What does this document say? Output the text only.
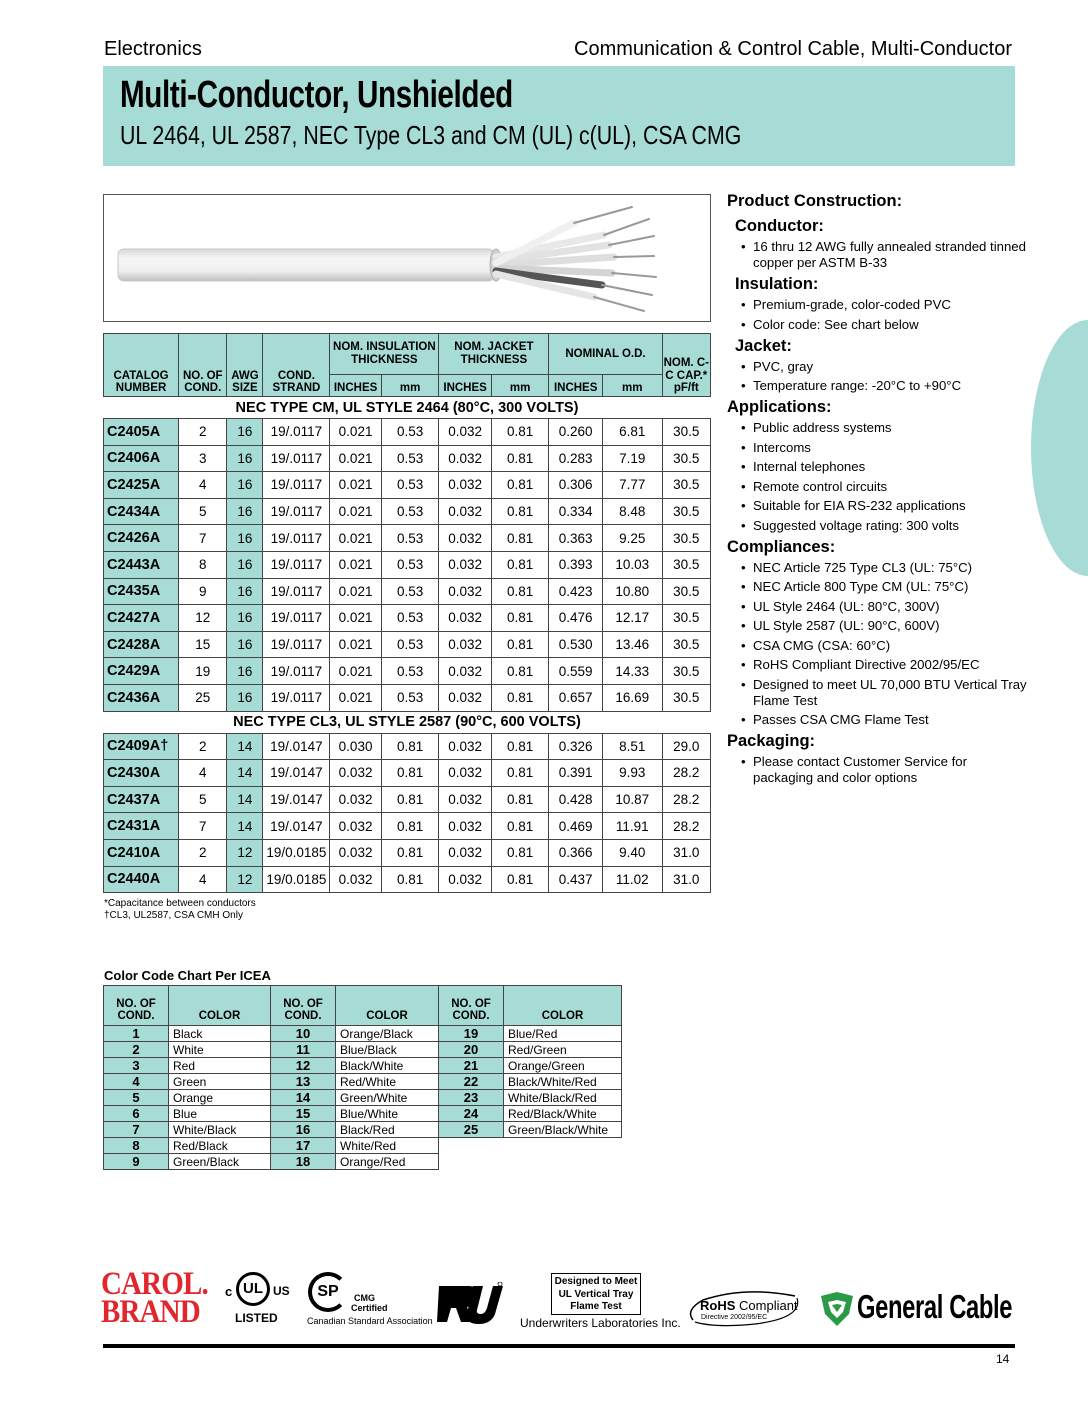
Electronics	Communication & Control Cable, Multi-Conductor
Multi-Conductor, Unshielded
UL 2464, UL 2587, NEC Type CL3 and CM (UL) c(UL), CSA CMG
CATALOG NUMBER	NO. OF COND.	AWG SIZE	COND. STRAND	NOM. INSULATION THICKNESS		NOM. JACKET THICKNESS		NOMINAL O.D.		NOM. C-C CAP.* pF/ft
				INCHES	mm	INCHES	mm	INCHES	mm	
NEC TYPE CM, UL STYLE 2464 (80°C, 300 VOLTS)										
C2405A	2	16	19/.0117	0.021	0.53	0.032	0.81	0.260	6.81	30.5
C2406A	3	16	19/.0117	0.021	0.53	0.032	0.81	0.283	7.19	30.5
C2425A	4	16	19/.0117	0.021	0.53	0.032	0.81	0.306	7.77	30.5
C2434A	5	16	19/.0117	0.021	0.53	0.032	0.81	0.334	8.48	30.5
C2426A	7	16	19/.0117	0.021	0.53	0.032	0.81	0.363	9.25	30.5
C2443A	8	16	19/.0117	0.021	0.53	0.032	0.81	0.393	10.03	30.5
C2435A	9	16	19/.0117	0.021	0.53	0.032	0.81	0.423	10.80	30.5
C2427A	12	16	19/.0117	0.021	0.53	0.032	0.81	0.476	12.17	30.5
C2428A	15	16	19/.0117	0.021	0.53	0.032	0.81	0.530	13.46	30.5
C2429A	19	16	19/.0117	0.021	0.53	0.032	0.81	0.559	14.33	30.5
C2436A	25	16	19/.0117	0.021	0.53	0.032	0.81	0.657	16.69	30.5
NEC TYPE CL3, UL STYLE 2587 (90°C, 600 VOLTS)										
C2409A†	2	14	19/.0147	0.030	0.81	0.032	0.81	0.326	8.51	29.0
C2430A	4	14	19/.0147	0.032	0.81	0.032	0.81	0.391	9.93	28.2
C2437A	5	14	19/.0147	0.032	0.81	0.032	0.81	0.428	10.87	28.2
C2431A	7	14	19/.0147	0.032	0.81	0.032	0.81	0.469	11.91	28.2
C2410A	2	12	19/0.0185	0.032	0.81	0.032	0.81	0.366	9.40	31.0
C2440A	4	12	19/0.0185	0.032	0.81	0.032	0.81	0.437	11.02	31.0
*Capacitance between conductors
†CL3, UL2587, CSA CMH Only
Product Construction:
Conductor:
• 16 thru 12 AWG fully annealed stranded tinned copper per ASTM B-33
Insulation:
• Premium-grade, color-coded PVC
• Color code: See chart below
Jacket:
• PVC, gray
• Temperature range: -20°C to +90°C
Applications:
• Public address systems
• Intercoms
• Internal telephones
• Remote control circuits
• Suitable for EIA RS-232 applications
• Suggested voltage rating: 300 volts
Compliances:
• NEC Article 725 Type CL3 (UL: 75°C)
• NEC Article 800 Type CM (UL: 75°C)
• UL Style 2464 (UL: 80°C, 300V)
• UL Style 2587 (UL: 90°C, 600V)
• CSA CMG (CSA: 60°C)
• RoHS Compliant Directive 2002/95/EC
• Designed to meet UL 70,000 BTU Vertical Tray Flame Test
• Passes CSA CMG Flame Test
Packaging:
• Please contact Customer Service for packaging and color options
Color Code Chart Per ICEA
NO. OF COND.	COLOR	NO. OF COND.	COLOR	NO. OF COND.	COLOR
1	Black	10	Orange/Black	19	Blue/Red
2	White	11	Blue/Black	20	Red/Green
3	Red	12	Black/White	21	Orange/Green
4	Green	13	Red/White	22	Black/White/Red
5	Orange	14	Green/White	23	White/Black/Red
6	Blue	15	Blue/White	24	Red/Black/White
7	White/Black	16	Black/Red	25	Green/Black/White
8	Red/Black	17	White/Red		
9	Green/Black	18	Orange/Red		
CAROL.
BRAND
c UL US
LISTED
SP	CMG
Certified
Canadian Standard Association
Designed to Meet
UL Vertical Tray
Flame Test
Underwriters Laboratories Inc.
RoHS Compliant
Directive 2002/95/EC	General Cable
14
